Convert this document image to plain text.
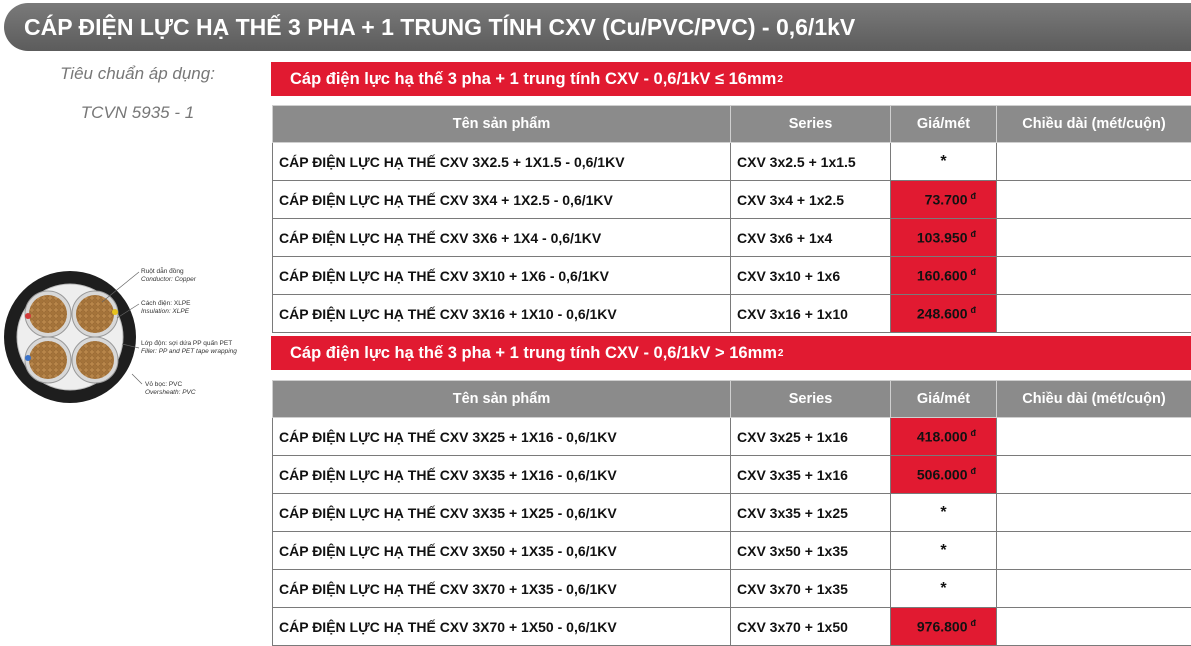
CÁP ĐIỆN LỰC HẠ THẾ 3 PHA + 1 TRUNG TÍNH CXV (Cu/PVC/PVC) - 0,6/1kV
Tiêu chuẩn áp dụng:
TCVN 5935 - 1
Ruột dẫn đồng
Conductor: Copper
Cách điện: XLPE
Insulation: XLPE
Lớp độn: sợi dứa PP quấn PET
Filler: PP and PET tape wrapping
Vỏ bọc: PVC
Oversheath: PVC
Cáp điện lực hạ thế 3 pha + 1 trung tính CXV - 0,6/1kV ≤ 16mm 2
Tên sản phẩm	Series	Giá/mét	Chiều dài (mét/cuộn)
CÁP ĐIỆN LỰC HẠ THẾ CXV 3X2.5 + 1X1.5 - 0,6/1KV	CXV 3x2.5 + 1x1.5	*	
CÁP ĐIỆN LỰC HẠ THẾ CXV 3X4 + 1X2.5 - 0,6/1KV	CXV 3x4 + 1x2.5	73.700 $^đ$	
CÁP ĐIỆN LỰC HẠ THẾ CXV 3X6 + 1X4 - 0,6/1KV	CXV 3x6 + 1x4	103.950 $^đ$	
CÁP ĐIỆN LỰC HẠ THẾ CXV 3X10 + 1X6 - 0,6/1KV	CXV 3x10 + 1x6	160.600 $^đ$	
CÁP ĐIỆN LỰC HẠ THẾ CXV 3X16 + 1X10 - 0,6/1KV	CXV 3x16 + 1x10	248.600 $^đ$	
Cáp điện lực hạ thế 3 pha + 1 trung tính CXV - 0,6/1kV > 16mm 2
Tên sản phẩm	Series	Giá/mét	Chiều dài (mét/cuộn)
CÁP ĐIỆN LỰC HẠ THẾ CXV 3X25 + 1X16 - 0,6/1KV	CXV 3x25 + 1x16	418.000 $^đ$	
CÁP ĐIỆN LỰC HẠ THẾ CXV 3X35 + 1X16 - 0,6/1KV	CXV 3x35 + 1x16	506.000 $^đ$	
CÁP ĐIỆN LỰC HẠ THẾ CXV 3X35 + 1X25 - 0,6/1KV	CXV 3x35 + 1x25	*	
CÁP ĐIỆN LỰC HẠ THẾ CXV 3X50 + 1X35 - 0,6/1KV	CXV 3x50 + 1x35	*	
CÁP ĐIỆN LỰC HẠ THẾ CXV 3X70 + 1X35 - 0,6/1KV	CXV 3x70 + 1x35	*	
CÁP ĐIỆN LỰC HẠ THẾ CXV 3X70 + 1X50 - 0,6/1KV	CXV 3x70 + 1x50	976.800 $^đ$	
